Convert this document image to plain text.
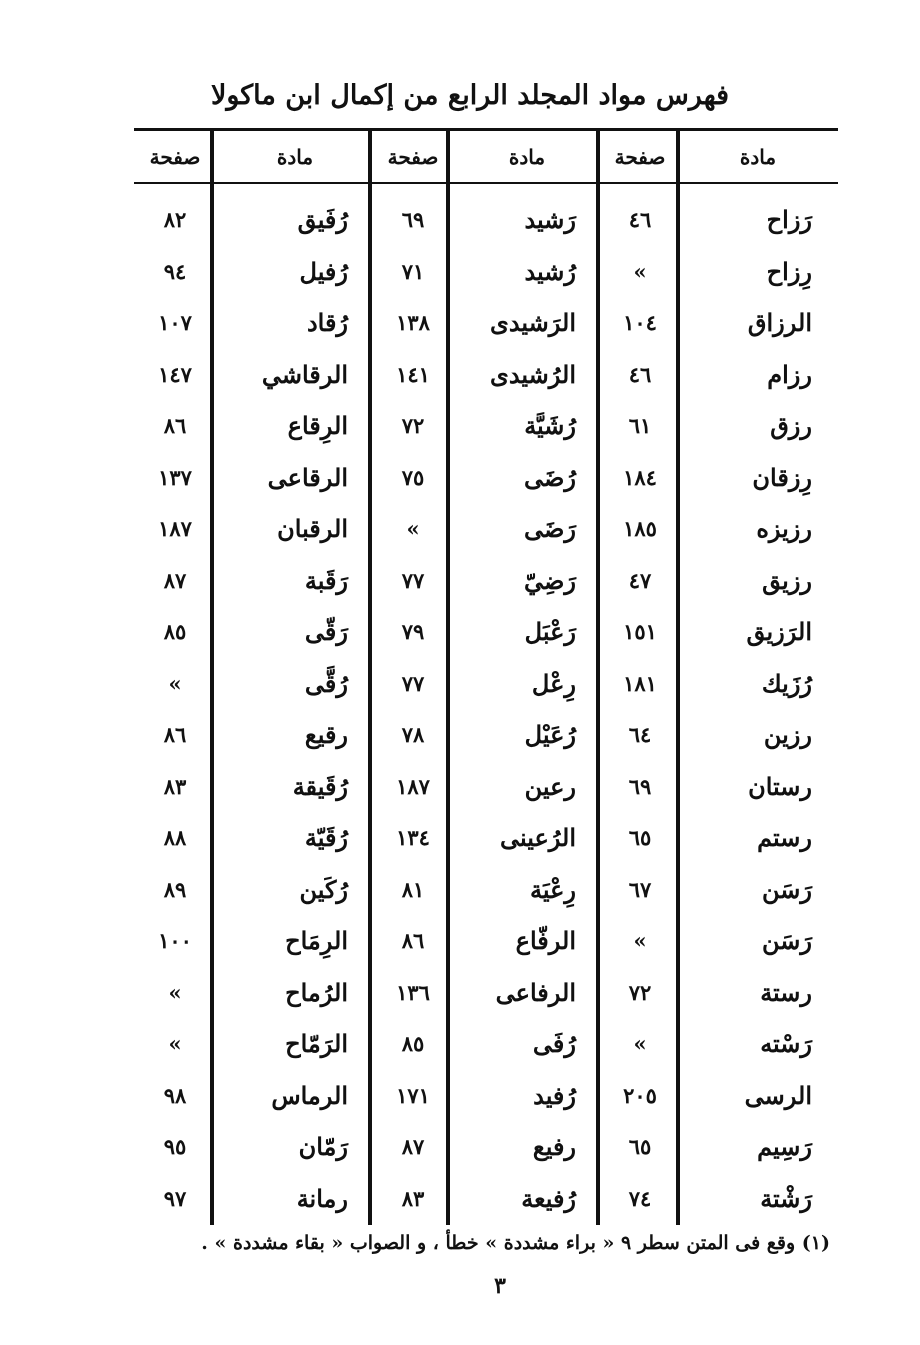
فهرس مواد المجلد الرابع من إكمال ابن ماكولا
مادة
صفحة
مادة
صفحة
مادة
صفحة
رَزاح
٤٦
رَشيد
٦٩
رُفَيق
٨٢
رِزاح
»
رُشيد
٧١
رُفيل
٩٤
الرزاق
١٠٤
الرَشيدى
١٣٨
رُقاد
١٠٧
رزام
٤٦
الرُشيدى
١٤١
الرقاشي
١٤٧
رزق
٦١
رُشَيَّة
٧٢
الرِقاع
٨٦
رِزقان
١٨٤
رُضَى
٧٥
الرقاعى
١٣٧
رزيزه
١٨٥
رَضَى
»
الرقبان
١٨٧
رزيق
٤٧
رَضِيّ
٧٧
رَقَبة
٨٧
الرَزيق
١٥١
رَعْبَل
٧٩
رَقّى
٨٥
رُزَيك
١٨١
رِعْل
٧٧
رُقَّى
»
رزين
٦٤
رُعَيْل
٧٨
رقيع
٨٦
رستان
٦٩
رعين
١٨٧
رُقَيقة
٨٣
رستم
٦٥
الرُعينى
١٣٤
رُقَيّة
٨٨
رَسَن
٦٧
رِعْيَة
٨١
رُكَين
٨٩
رَسَن
»
الرفّاع
٨٦
الرِمَاح
١٠٠
رستة
٧٢
الرفاعى
١٣٦
الرُماح
»
رَسْته
»
رُفَى
٨٥
الرَمّاح
»
الرسى
٢٠٥
رُفيد
١٧١
الرماس
٩٨
رَسِيم
٦٥
رفيع
٨٧
رَمّان
٩٥
رَشْتة
٧٤
رُفيعة
٨٣
رمانة
٩٧
(١) وقع فى المتن سطر ٩ « براء مشددة » خطأ ، و الصواب « بقاء مشددة » .
٣
